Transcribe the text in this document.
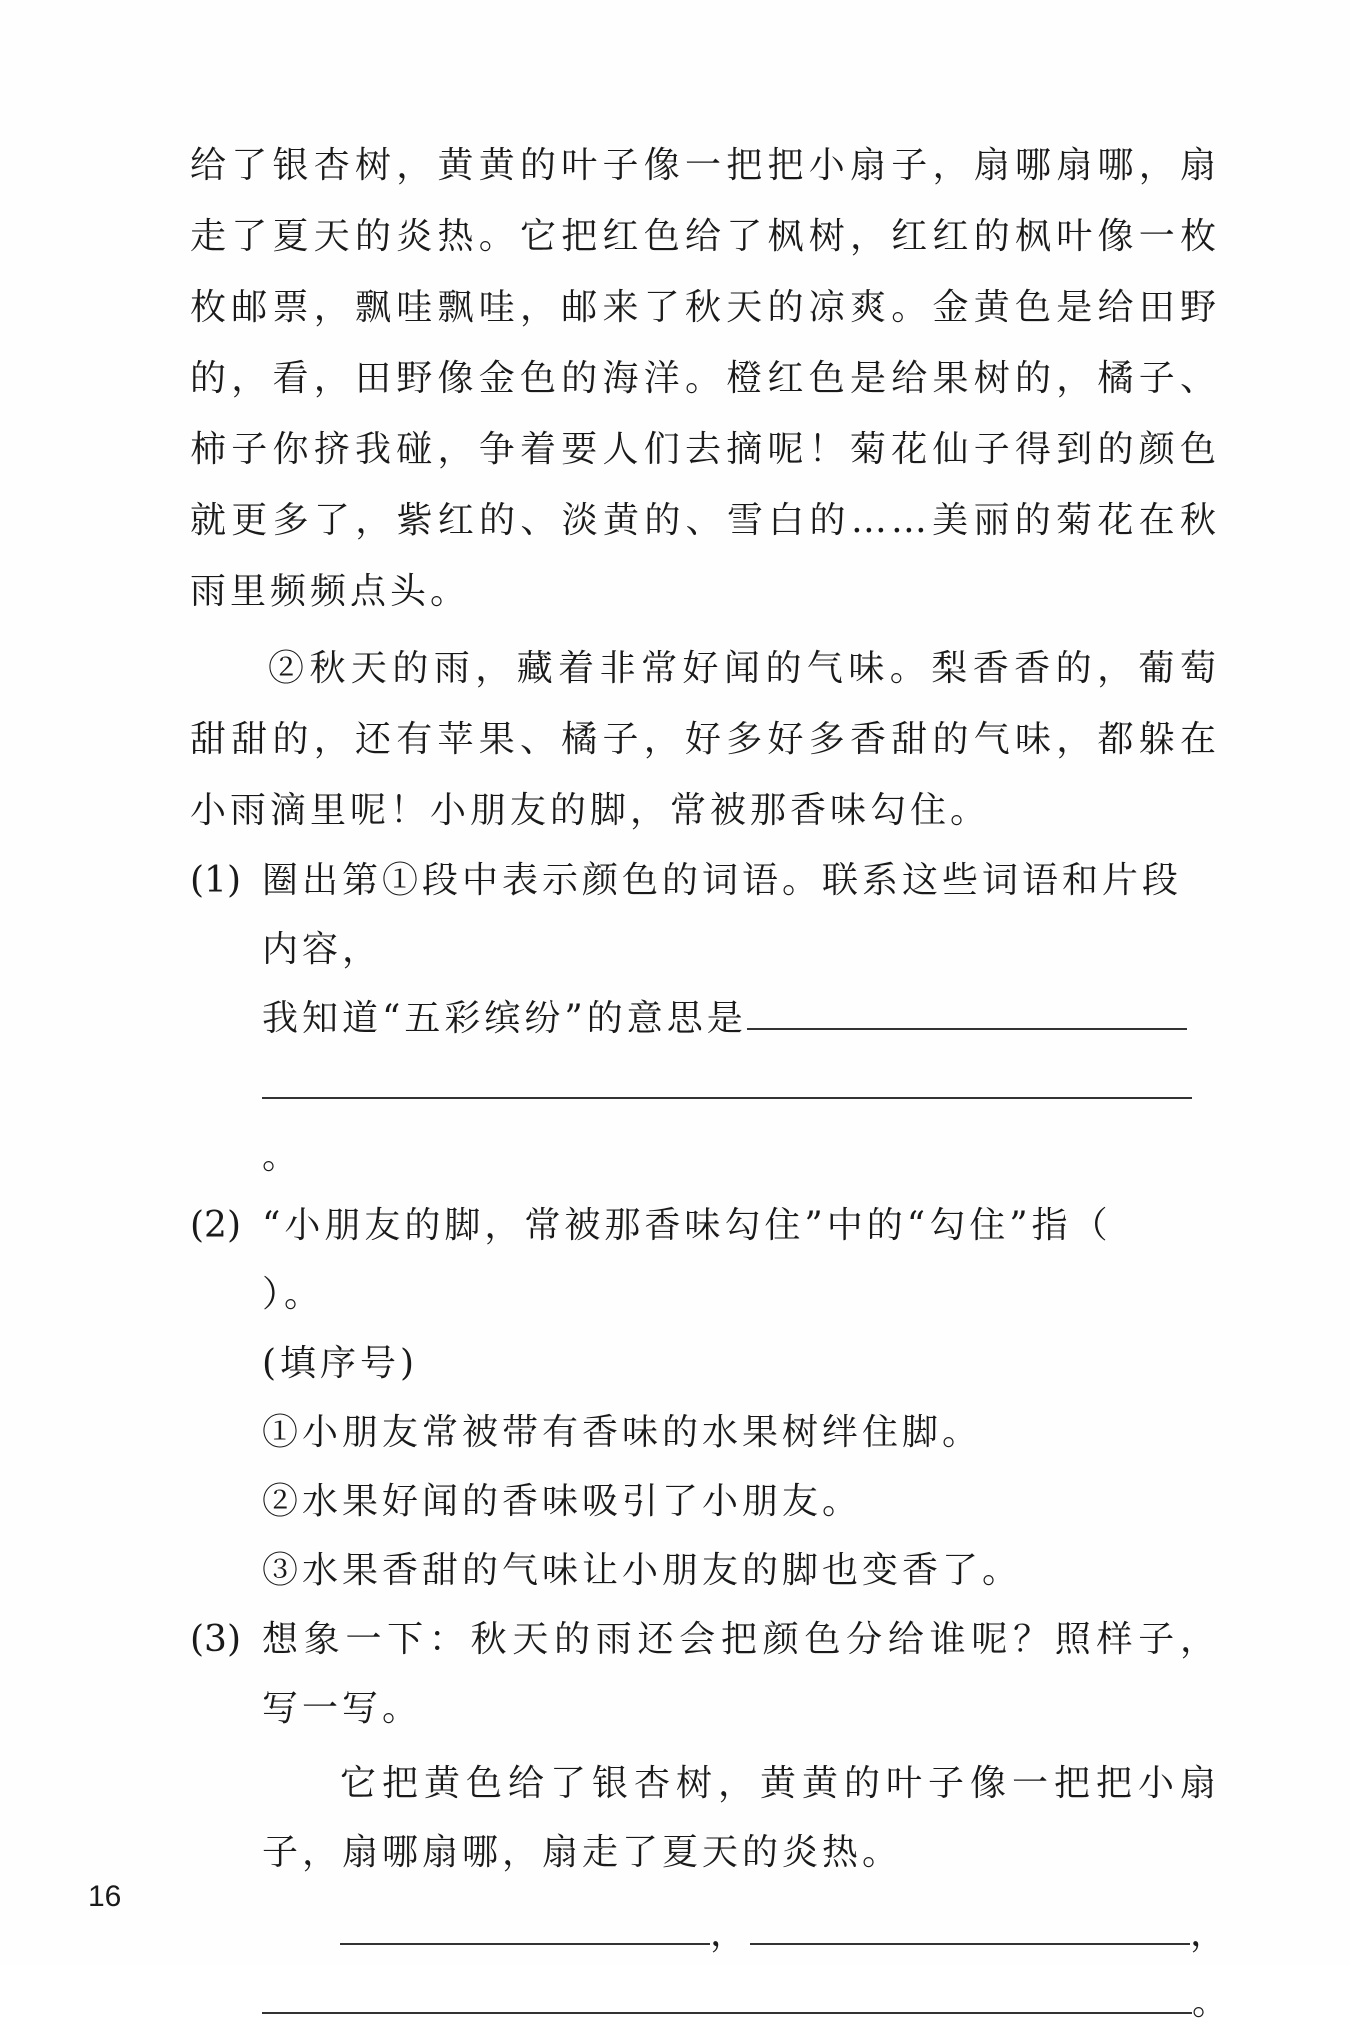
给了银杏树，黄黄的叶子像一把把小扇子，扇哪扇哪，扇走了夏天的炎热。它把红色给了枫树，红红的枫叶像一枚枚邮票，飘哇飘哇，邮来了秋天的凉爽。金黄色是给田野的，看，田野像金色的海洋。橙红色是给果树的，橘子、柿子你挤我碰，争着要人们去摘呢！菊花仙子得到的颜色就更多了，紫红的、淡黄的、雪白的……美丽的菊花在秋雨里频频点头。

②秋天的雨，藏着非常好闻的气味。梨香香的，葡萄甜甜的，还有苹果、橘子，好多好多香甜的气味，都躲在小雨滴里呢！小朋友的脚，常被那香味勾住。

(1) 圈出第①段中表示颜色的词语。联系这些词语和片段内容，
我知道“五彩缤纷”的意思是
。
(2) “小朋友的脚，常被那香味勾住”中的“勾住”指（）。
(填序号)
①小朋友常被带有香味的水果树绊住脚。
②水果好闻的香味吸引了小朋友。
③水果香甜的气味让小朋友的脚也变香了。
(3) 想象一下：秋天的雨还会把颜色分给谁呢？照样子，写一写。

它把黄色给了银杏树，黄黄的叶子像一把把小扇子，扇哪扇哪，扇走了夏天的炎热。

，	，
。
16
